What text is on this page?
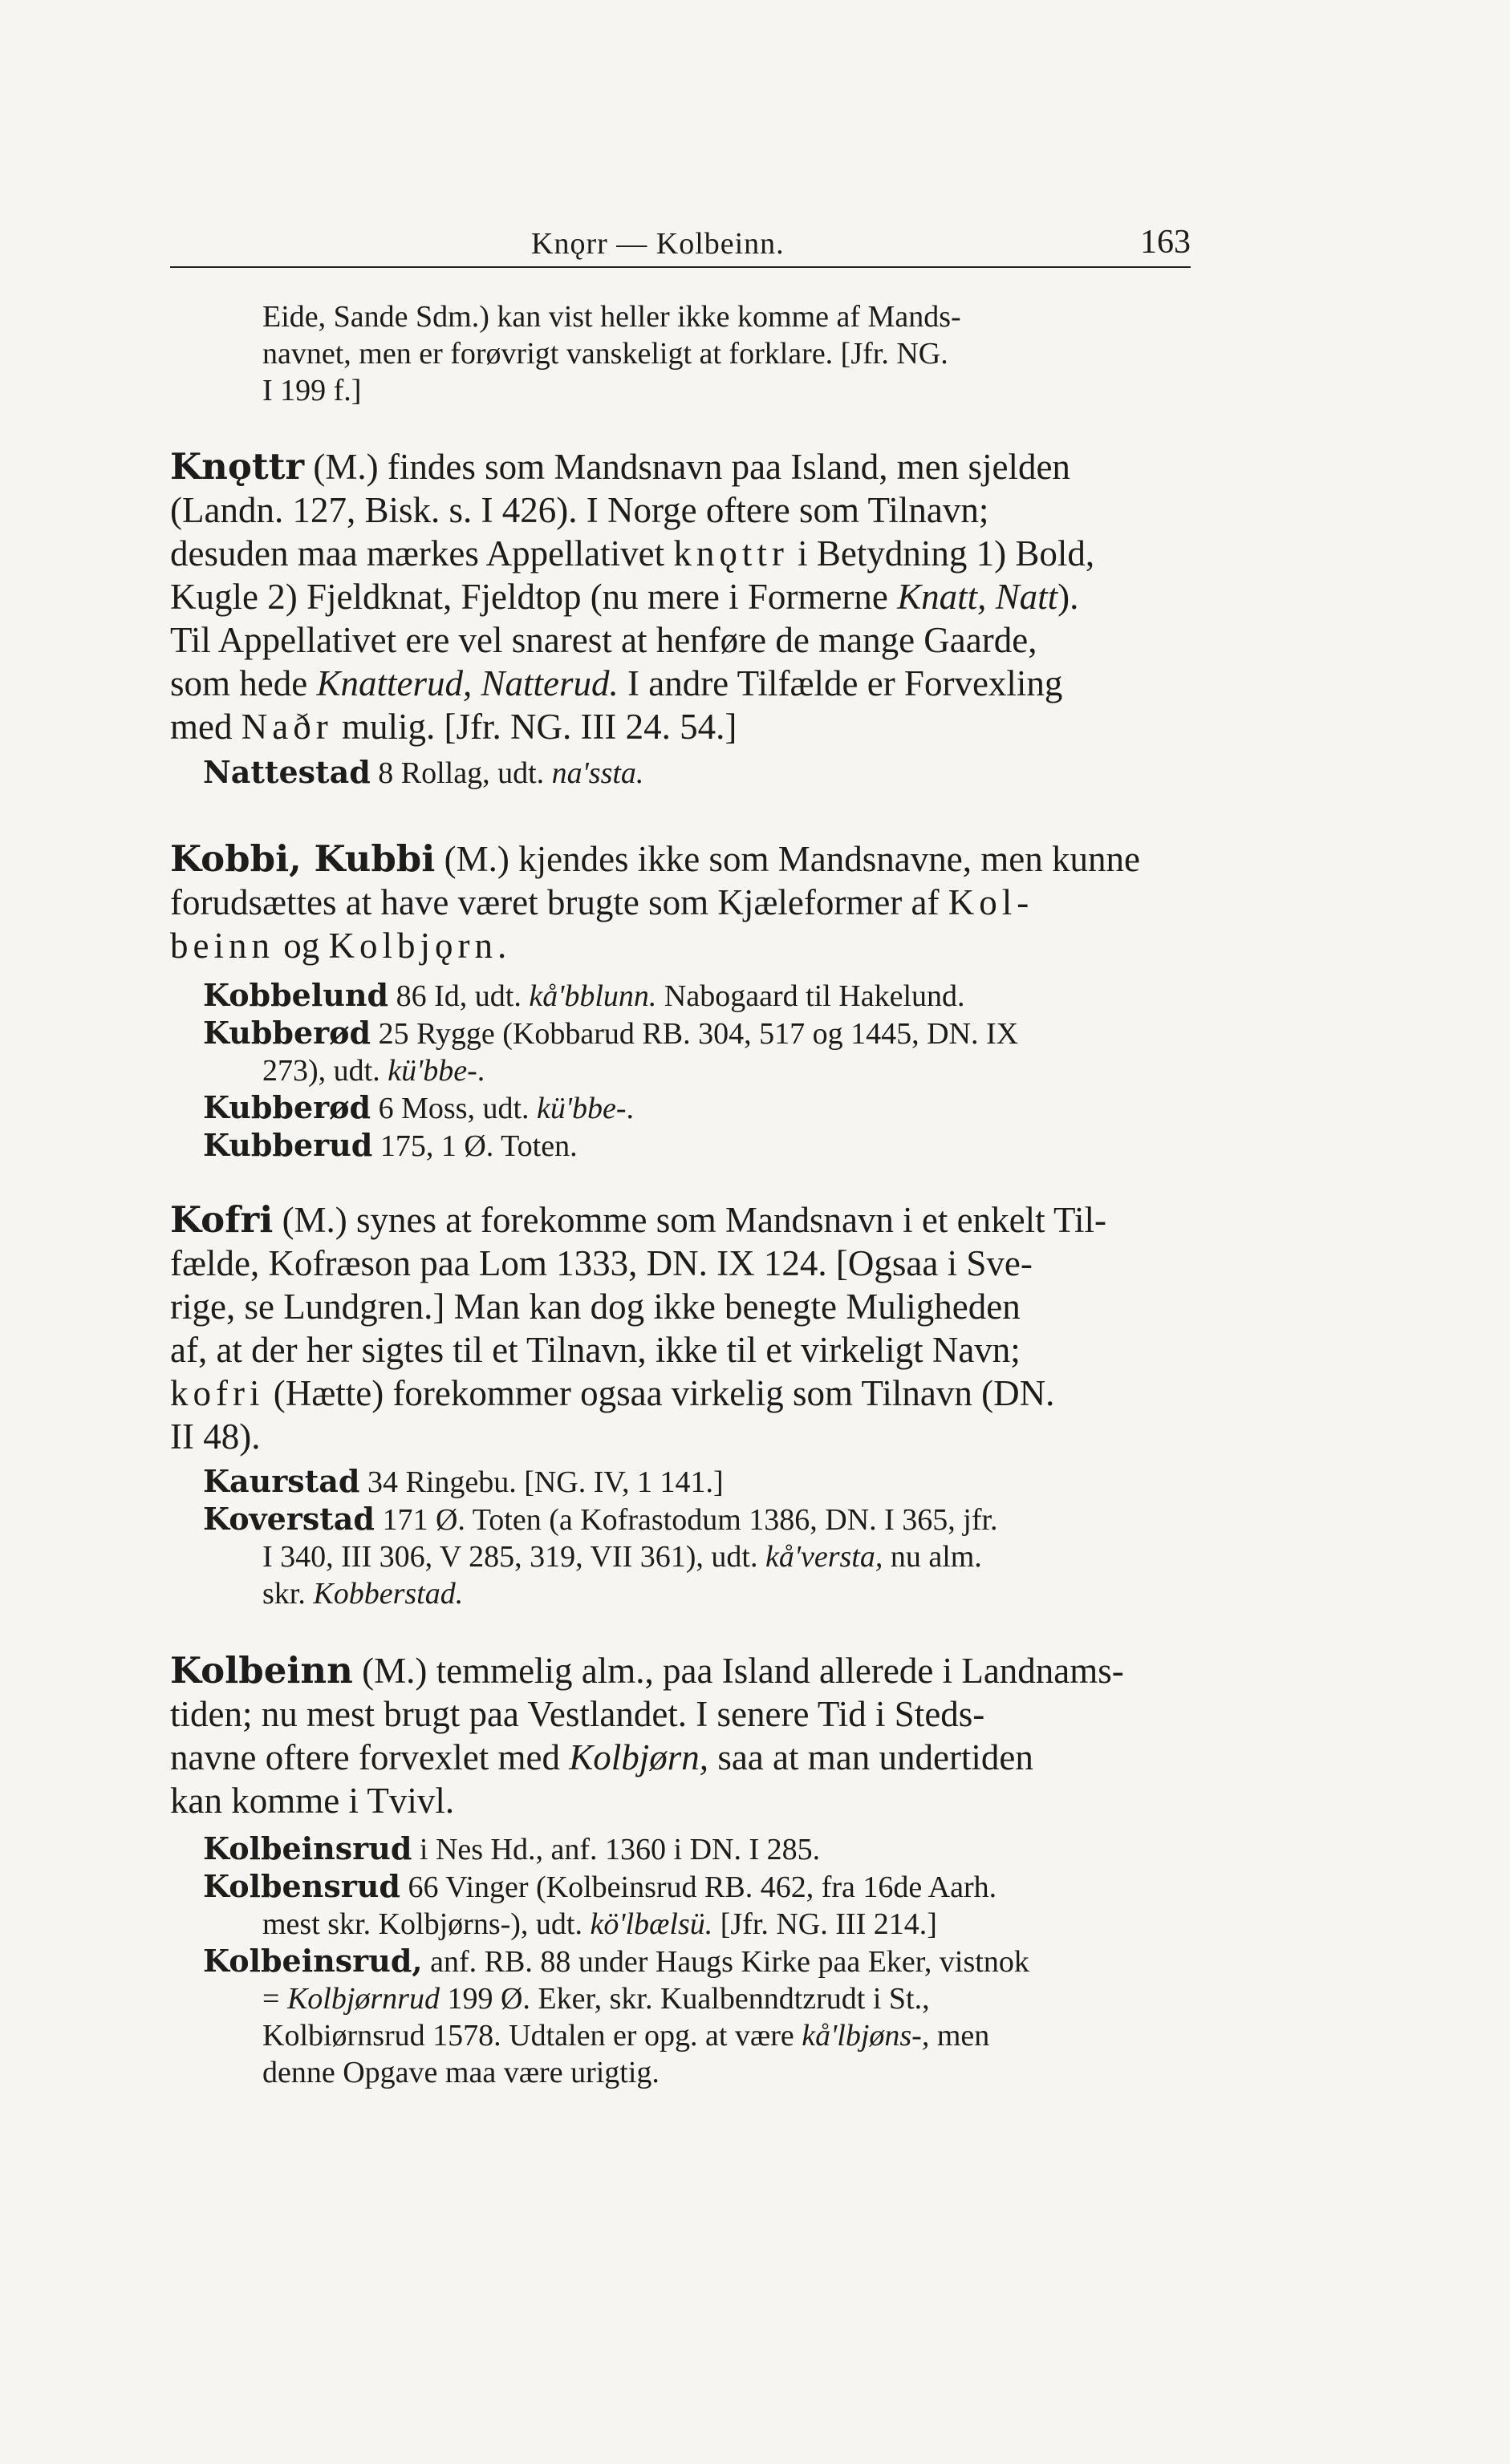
Knǫrr — Kolbeinn.	163
Eide, Sande Sdm.) kan vist heller ikke komme af Mands-
navnet, men er forøvrigt vanskeligt at forklare. [Jfr. NG.
I 199 f.]
Knǫttr (M.) findes som Mandsnavn paa Island, men sjelden
(Landn. 127, Bisk. s. I 426). I Norge oftere som Tilnavn;
desuden maa mærkes Appellativet knǫttr i Betydning 1) Bold,
Kugle 2) Fjeldknat, Fjeldtop (nu mere i Formerne Knatt, Natt).
Til Appellativet ere vel snarest at henføre de mange Gaarde,
som hede Knatterud, Natterud. I andre Tilfælde er Forvexling
med Naðr mulig. [Jfr. NG. III 24. 54.]
Nattestad 8 Rollag, udt. na'ssta.
Kobbi, Kubbi (M.) kjendes ikke som Mandsnavne, men kunne
forudsættes at have været brugte som Kjæleformer af Kol-
beinn og Kolbjǫrn.
Kobbelund 86 Id, udt. kå'bblunn. Nabogaard til Hakelund.
Kubberød 25 Rygge (Kobbarud RB. 304, 517 og 1445, DN. IX
273), udt. kü'bbe-.
Kubberød 6 Moss, udt. kü'bbe-.
Kubberud 175, 1 Ø. Toten.
Kofri (M.) synes at forekomme som Mandsnavn i et enkelt Til-
fælde, Kofræson paa Lom 1333, DN. IX 124. [Ogsaa i Sve-
rige, se Lundgren.] Man kan dog ikke benegte Muligheden
af, at der her sigtes til et Tilnavn, ikke til et virkeligt Navn;
kofri (Hætte) forekommer ogsaa virkelig som Tilnavn (DN.
II 48).
Kaurstad 34 Ringebu. [NG. IV, 1 141.]
Koverstad 171 Ø. Toten (a Kofrastodum 1386, DN. I 365, jfr.
I 340, III 306, V 285, 319, VII 361), udt. kå'versta, nu alm.
skr. Kobberstad.
Kolbeinn (M.) temmelig alm., paa Island allerede i Landnams-
tiden; nu mest brugt paa Vestlandet. I senere Tid i Steds-
navne oftere forvexlet med Kolbjørn, saa at man undertiden
kan komme i Tvivl.
Kolbeinsrud i Nes Hd., anf. 1360 i DN. I 285.
Kolbensrud 66 Vinger (Kolbeinsrud RB. 462, fra 16de Aarh.
mest skr. Kolbjørns-), udt. kö'lbælsü. [Jfr. NG. III 214.]
Kolbeinsrud, anf. RB. 88 under Haugs Kirke paa Eker, vistnok
= Kolbjørnrud 199 Ø. Eker, skr. Kualbenndtzrudt i St.,
Kolbiørnsrud 1578. Udtalen er opg. at være kå'lbjøns-, men
denne Opgave maa være urigtig.
